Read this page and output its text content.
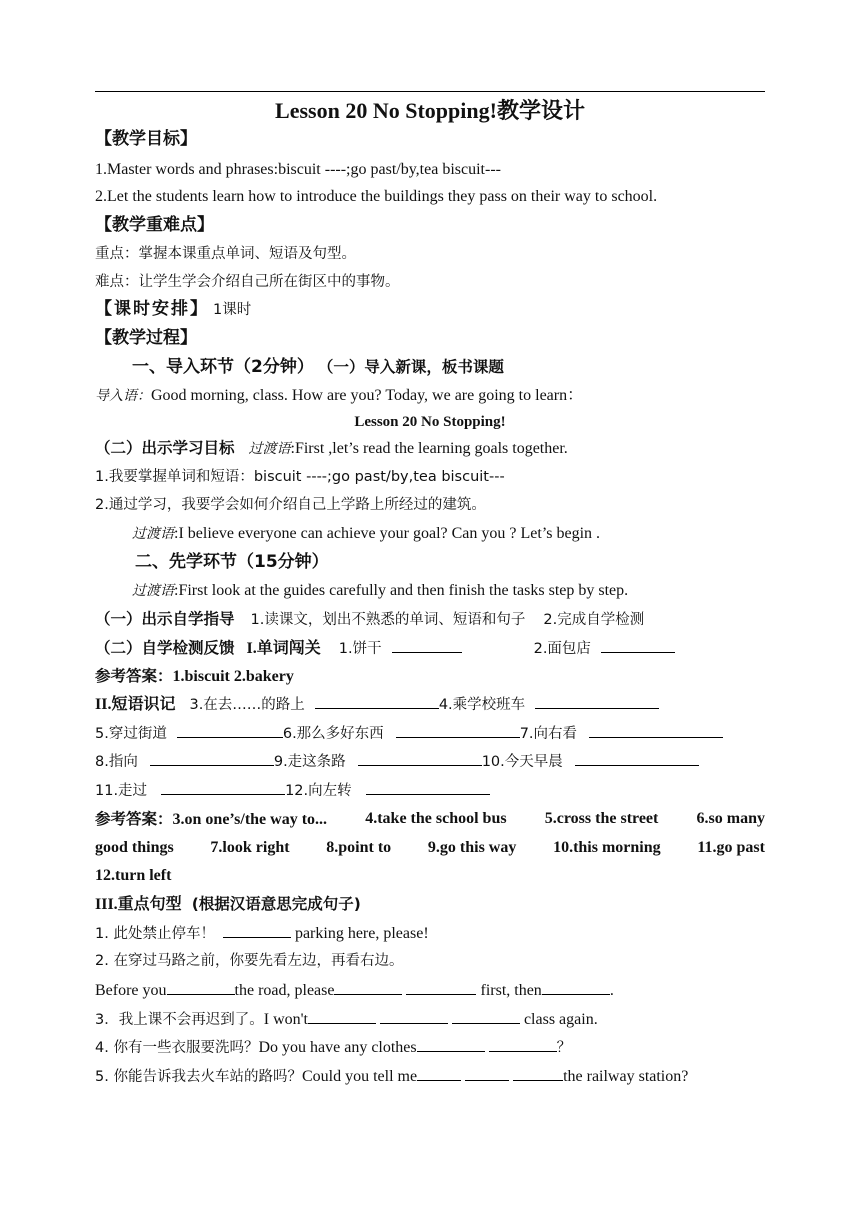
Lesson 20 No Stopping!教学设计
【教学目标】
1.Master words and phrases:biscuit ----;go past/by,tea biscuit---
2.Let the students learn how to introduce the buildings they pass on their way to school.
【教学重难点】
重点：掌握本课重点单词、短语及句型。
难点：让学生学会介绍自己所在街区中的事物。
【课时安排】 1课时
【教学过程】
一、导入环节（2分钟） （一）导入新课，板书课题
导入语：Good morning, class. How are you? Today, we are going to learn：
Lesson 20 No Stopping!
（二）出示学习目标 过渡语:First ,let’s read the learning goals together.
1.我要掌握单词和短语：biscuit ----;go past/by,tea biscuit---
2.通过学习，我要学会如何介绍自己上学路上所经过的建筑。
过渡语:I believe everyone can achieve your goal? Can you ? Let’s begin .
二、先学环节（15分钟）
过渡语:First look at the guides carefully and then finish the tasks step by step.
（一）出示自学指导 1.读课文，划出不熟悉的单词、短语和句子 2.完成自学检测
（二）自学检测反馈 I.单词闯关 1.饼干	2.面包店
参考答案：1.biscuit 2.bakery
II.短语识记 3.在去……的路上	4.乘学校班车
5.穿过街道	6.那么多好东西	7.向右看
8.指向	9.走这条路	10.今天早晨
11.走过	12.向左转
参考答案：3.on one’s/the way to... 4.take the school bus 5.cross the street 6.so many
good things 7.look right 8.point to 9.go this way 10.this morning 11.go past
12.turn left
III.重点句型 (根据汉语意思完成句子)
1. 此处禁止停车！	parking here, please!
2. 在穿过马路之前，你要先看左边，再看右边。
Before you	the road, please	first, then	.
3．我上课不会再迟到了。I won't	class again.
4. 你有一些衣服要洗吗？Do you have any clothes	？
5. 你能告诉我去火车站的路吗？Could you tell me	the railway station?
